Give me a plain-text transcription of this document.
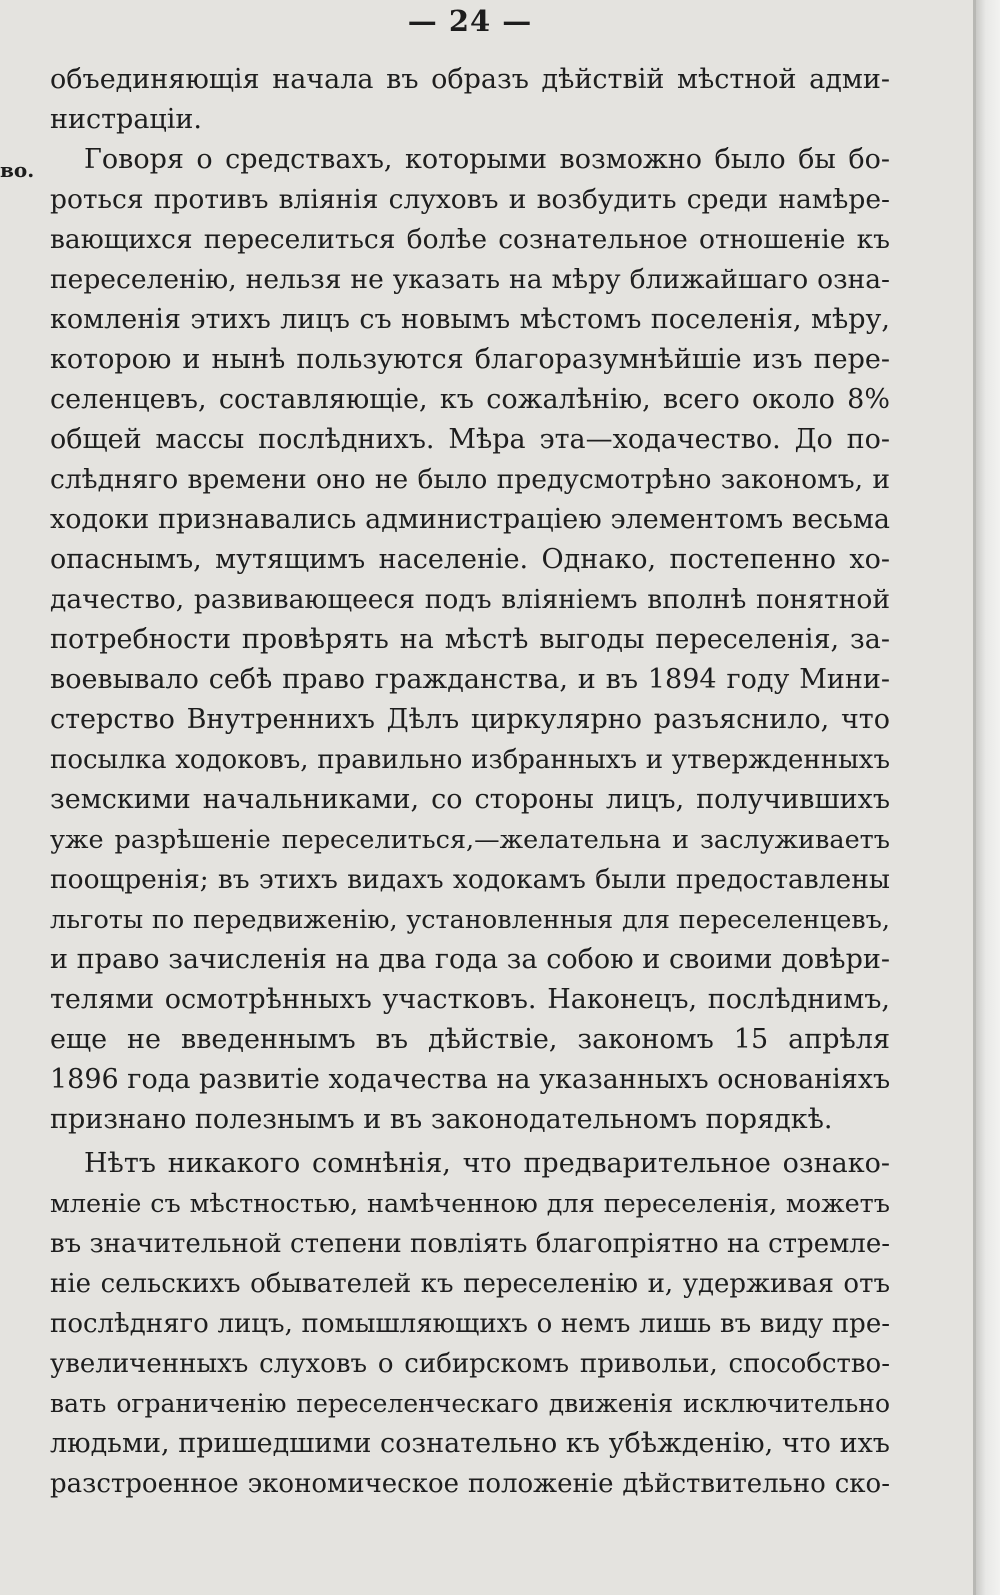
— 24 —
во.
объединяющія начала въ образъ дѣйствій мѣстной адми-
нистраціи.
Говоря о средствахъ, которыми возможно было бы бо-
роться противъ вліянія слуховъ и возбудить среди намѣре-
вающихся переселиться болѣе сознательное отношеніе къ
переселенію, нельзя не указать на мѣру ближайшаго озна-
комленія этихъ лицъ съ новымъ мѣстомъ поселенія, мѣру,
которою и нынѣ пользуются благоразумнѣйшіе изъ пере-
селенцевъ, составляющіе, къ сожалѣнію, всего около 8%
общей массы послѣднихъ. Мѣра эта—ходачество. До по-
слѣдняго времени оно не было предусмотрѣно закономъ, и
ходоки признавались администраціею элементомъ весьма
опаснымъ, мутящимъ населеніе. Однако, постепенно хо-
дачество, развивающееся подъ вліяніемъ вполнѣ понятной
потребности провѣрять на мѣстѣ выгоды переселенія, за-
воевывало себѣ право гражданства, и въ 1894 году Мини-
стерство Внутреннихъ Дѣлъ циркулярно разъяснило, что
посылка ходоковъ, правильно избранныхъ и утвержденныхъ
земскими начальниками, со стороны лицъ, получившихъ
уже разрѣшеніе переселиться,—желательна и заслуживаетъ
поощренія; въ этихъ видахъ ходокамъ были предоставлены
льготы по передвиженію, установленныя для переселенцевъ,
и право зачисленія на два года за собою и своими довѣри-
телями осмотрѣнныхъ участковъ. Наконецъ, послѣднимъ,
еще не введеннымъ въ дѣйствіе, закономъ 15 апрѣля
1896 года развитіе ходачества на указанныхъ основаніяхъ
признано полезнымъ и въ законодательномъ порядкѣ.
Нѣтъ никакого сомнѣнія, что предварительное ознако-
мленіе съ мѣстностью, намѣченною для переселенія, можетъ
въ значительной степени повліять благопріятно на стремле-
ніе сельскихъ обывателей къ переселенію и, удерживая отъ
послѣдняго лицъ, помышляющихъ о немъ лишь въ виду пре-
увеличенныхъ слуховъ о сибирскомъ привольи, способство-
вать ограниченію переселенческаго движенія исключительно
людьми, пришедшими сознательно къ убѣжденію, что ихъ
разстроенное экономическое положеніе дѣйствительно ско-
